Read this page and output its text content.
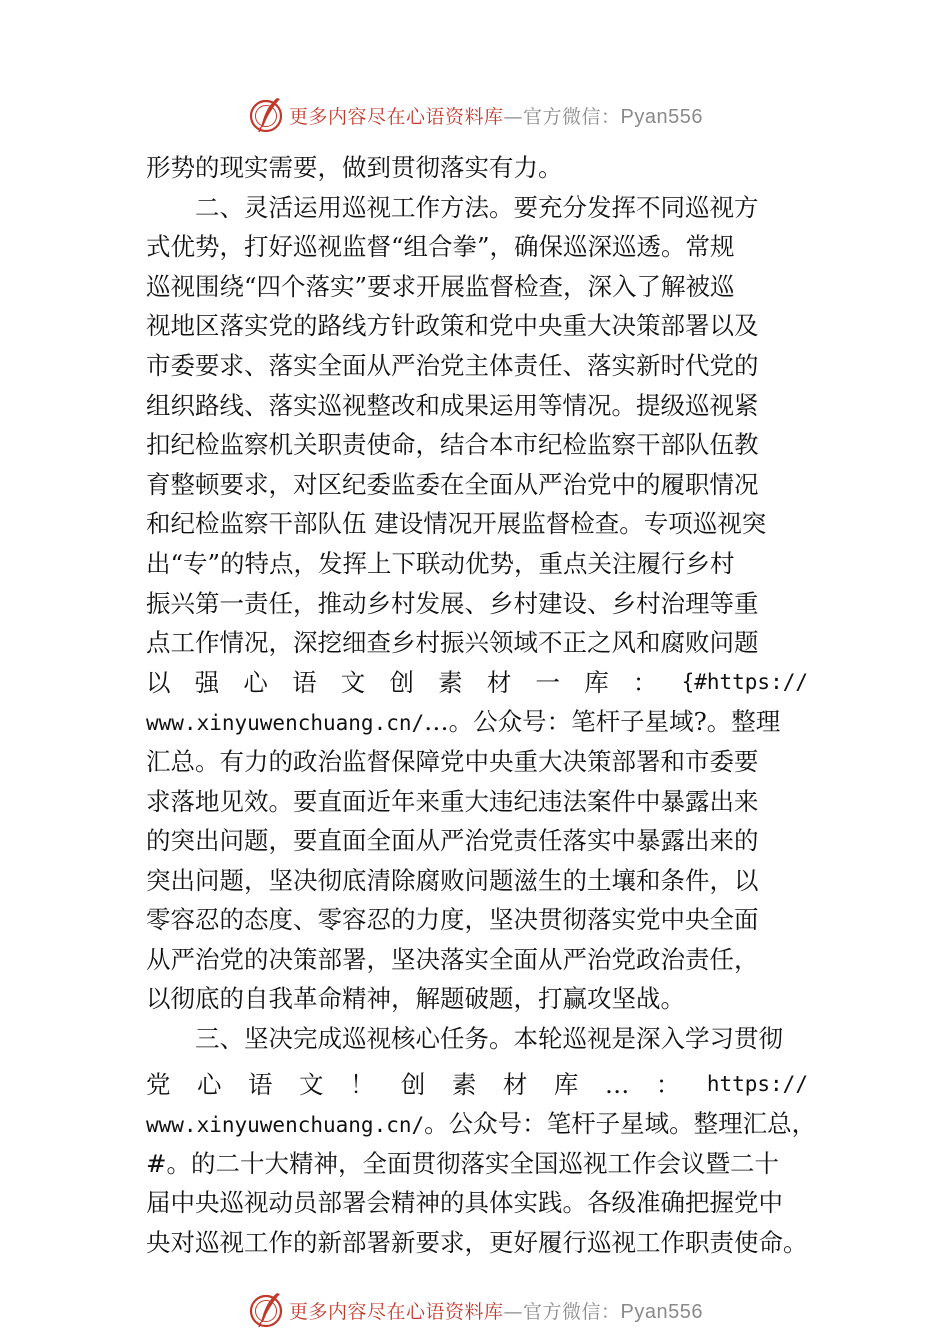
更多内容尽在心语资料库—官方微信：Pyan556
形势的现实需要，做到贯彻落实有力。
二、灵活运用巡视工作方法。要充分发挥不同巡视方
式优势，打好巡视监督“组合拳”，确保巡深巡透。常规
巡视围绕“四个落实”要求开展监督检查，深入了解被巡
视地区落实党的路线方针政策和党中央重大决策部署以及
市委要求、落实全面从严治党主体责任、落实新时代党的
组织路线、落实巡视整改和成果运用等情况。提级巡视紧
扣纪检监察机关职责使命，结合本市纪检监察干部队伍教
育整顿要求，对区纪委监委在全面从严治党中的履职情况
和纪检监察干部队伍 建设情况开展监督检查。专项巡视突
出“专”的特点，发挥上下联动优势，重点关注履行乡村
振兴第一责任，推动乡村发展、乡村建设、乡村治理等重
点工作情况，深挖细查乡村振兴领域不正之风和腐败问题
以 强 心 语 文 创 素 材 一 库 ： {#https://
www.xinyuwenchuang.cn/…。公众号：笔杆子星域?。整理
汇总。有力的政治监督保障党中央重大决策部署和市委要
求落地见效。要直面近年来重大违纪违法案件中暴露出来
的突出问题，要直面全面从严治党责任落实中暴露出来的
突出问题，坚决彻底清除腐败问题滋生的土壤和条件，以
零容忍的态度、零容忍的力度，坚决贯彻落实党中央全面
从严治党的决策部署，坚决落实全面从严治党政治责任，
以彻底的自我革命精神，解题破题，打赢攻坚战。
三、坚决完成巡视核心任务。本轮巡视是深入学习贯彻
党 心 语 文 ！ 创 素 材 库 … ： https://
www.xinyuwenchuang.cn/。公众号：笔杆子星域。整理汇总，
#。的二十大精神，全面贯彻落实全国巡视工作会议暨二十
届中央巡视动员部署会精神的具体实践。各级准确把握党中
央对巡视工作的新部署新要求，更好履行巡视工作职责使命。
更多内容尽在心语资料库—官方微信：Pyan556
